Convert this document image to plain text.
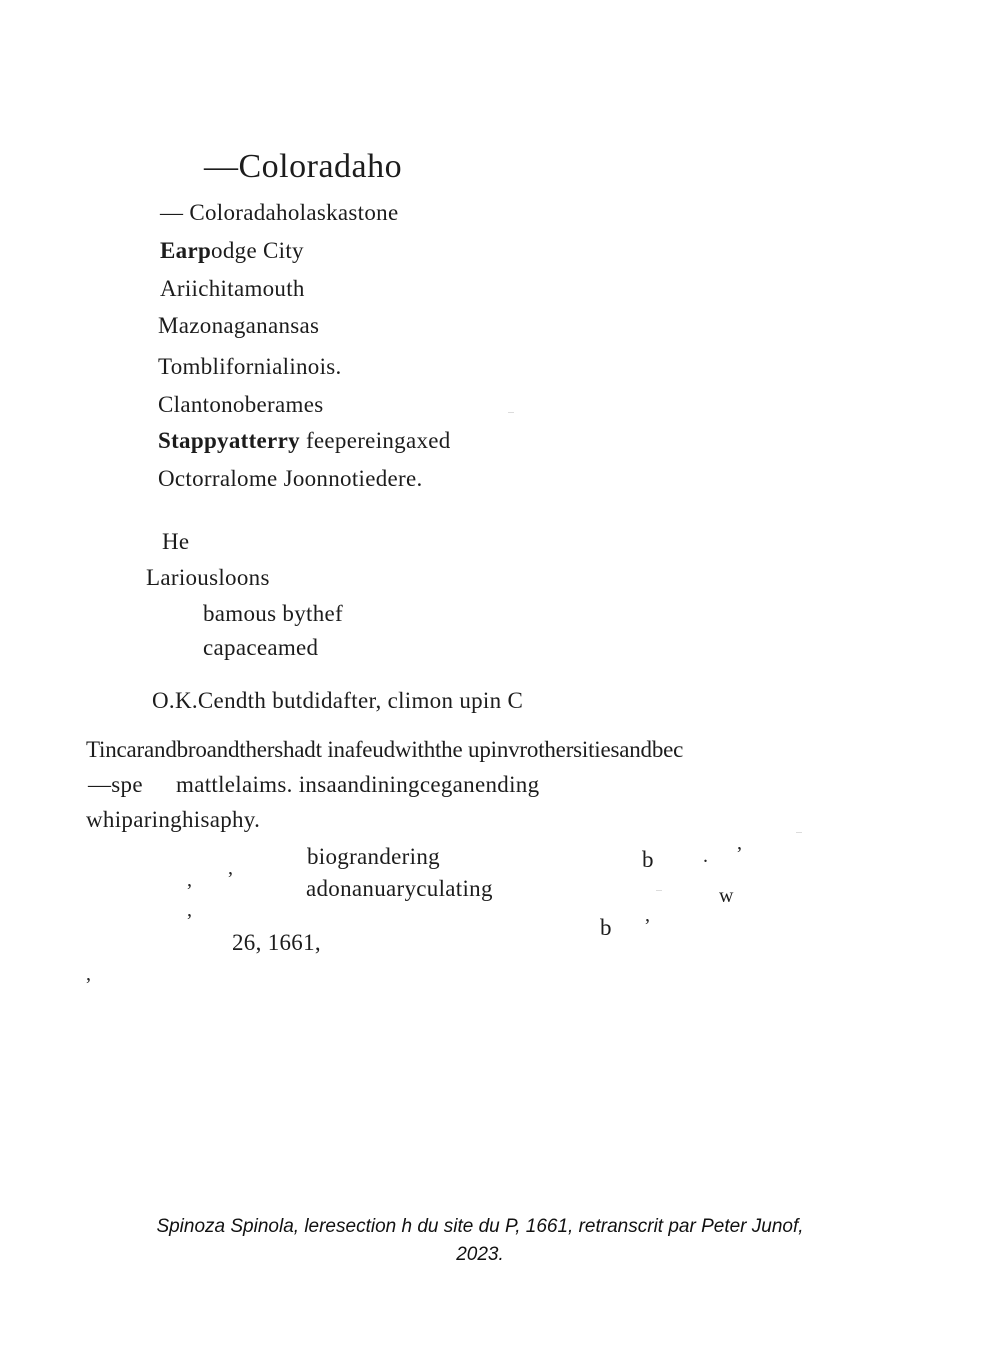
—Coloradaho
— Coloradaholaskastone
Earpodge City
Ariichitamouth
Mazonaganansas
Tomblifornialinois.
Clantonoberames
Stappyatterry feepereingaxed
Octorralome Joonnotiedere.
He
Lariousloons
bamous bythef
capaceamed
O.K.Cendth butdidafter, climon upin C
Tincarandbroandthershadt inafeudwiththe upinvrothersitiesandbec
—spe mattlelaims. insaandiningceganending
whiparinghisaphy.
biograndering
adonanuaryculating
26, 1661,
b
b
w
.
,
,
,
,	,
,
Spinoza Spinola, leresection h du site du P, 1661, retranscrit par Peter Junof,
2023.
